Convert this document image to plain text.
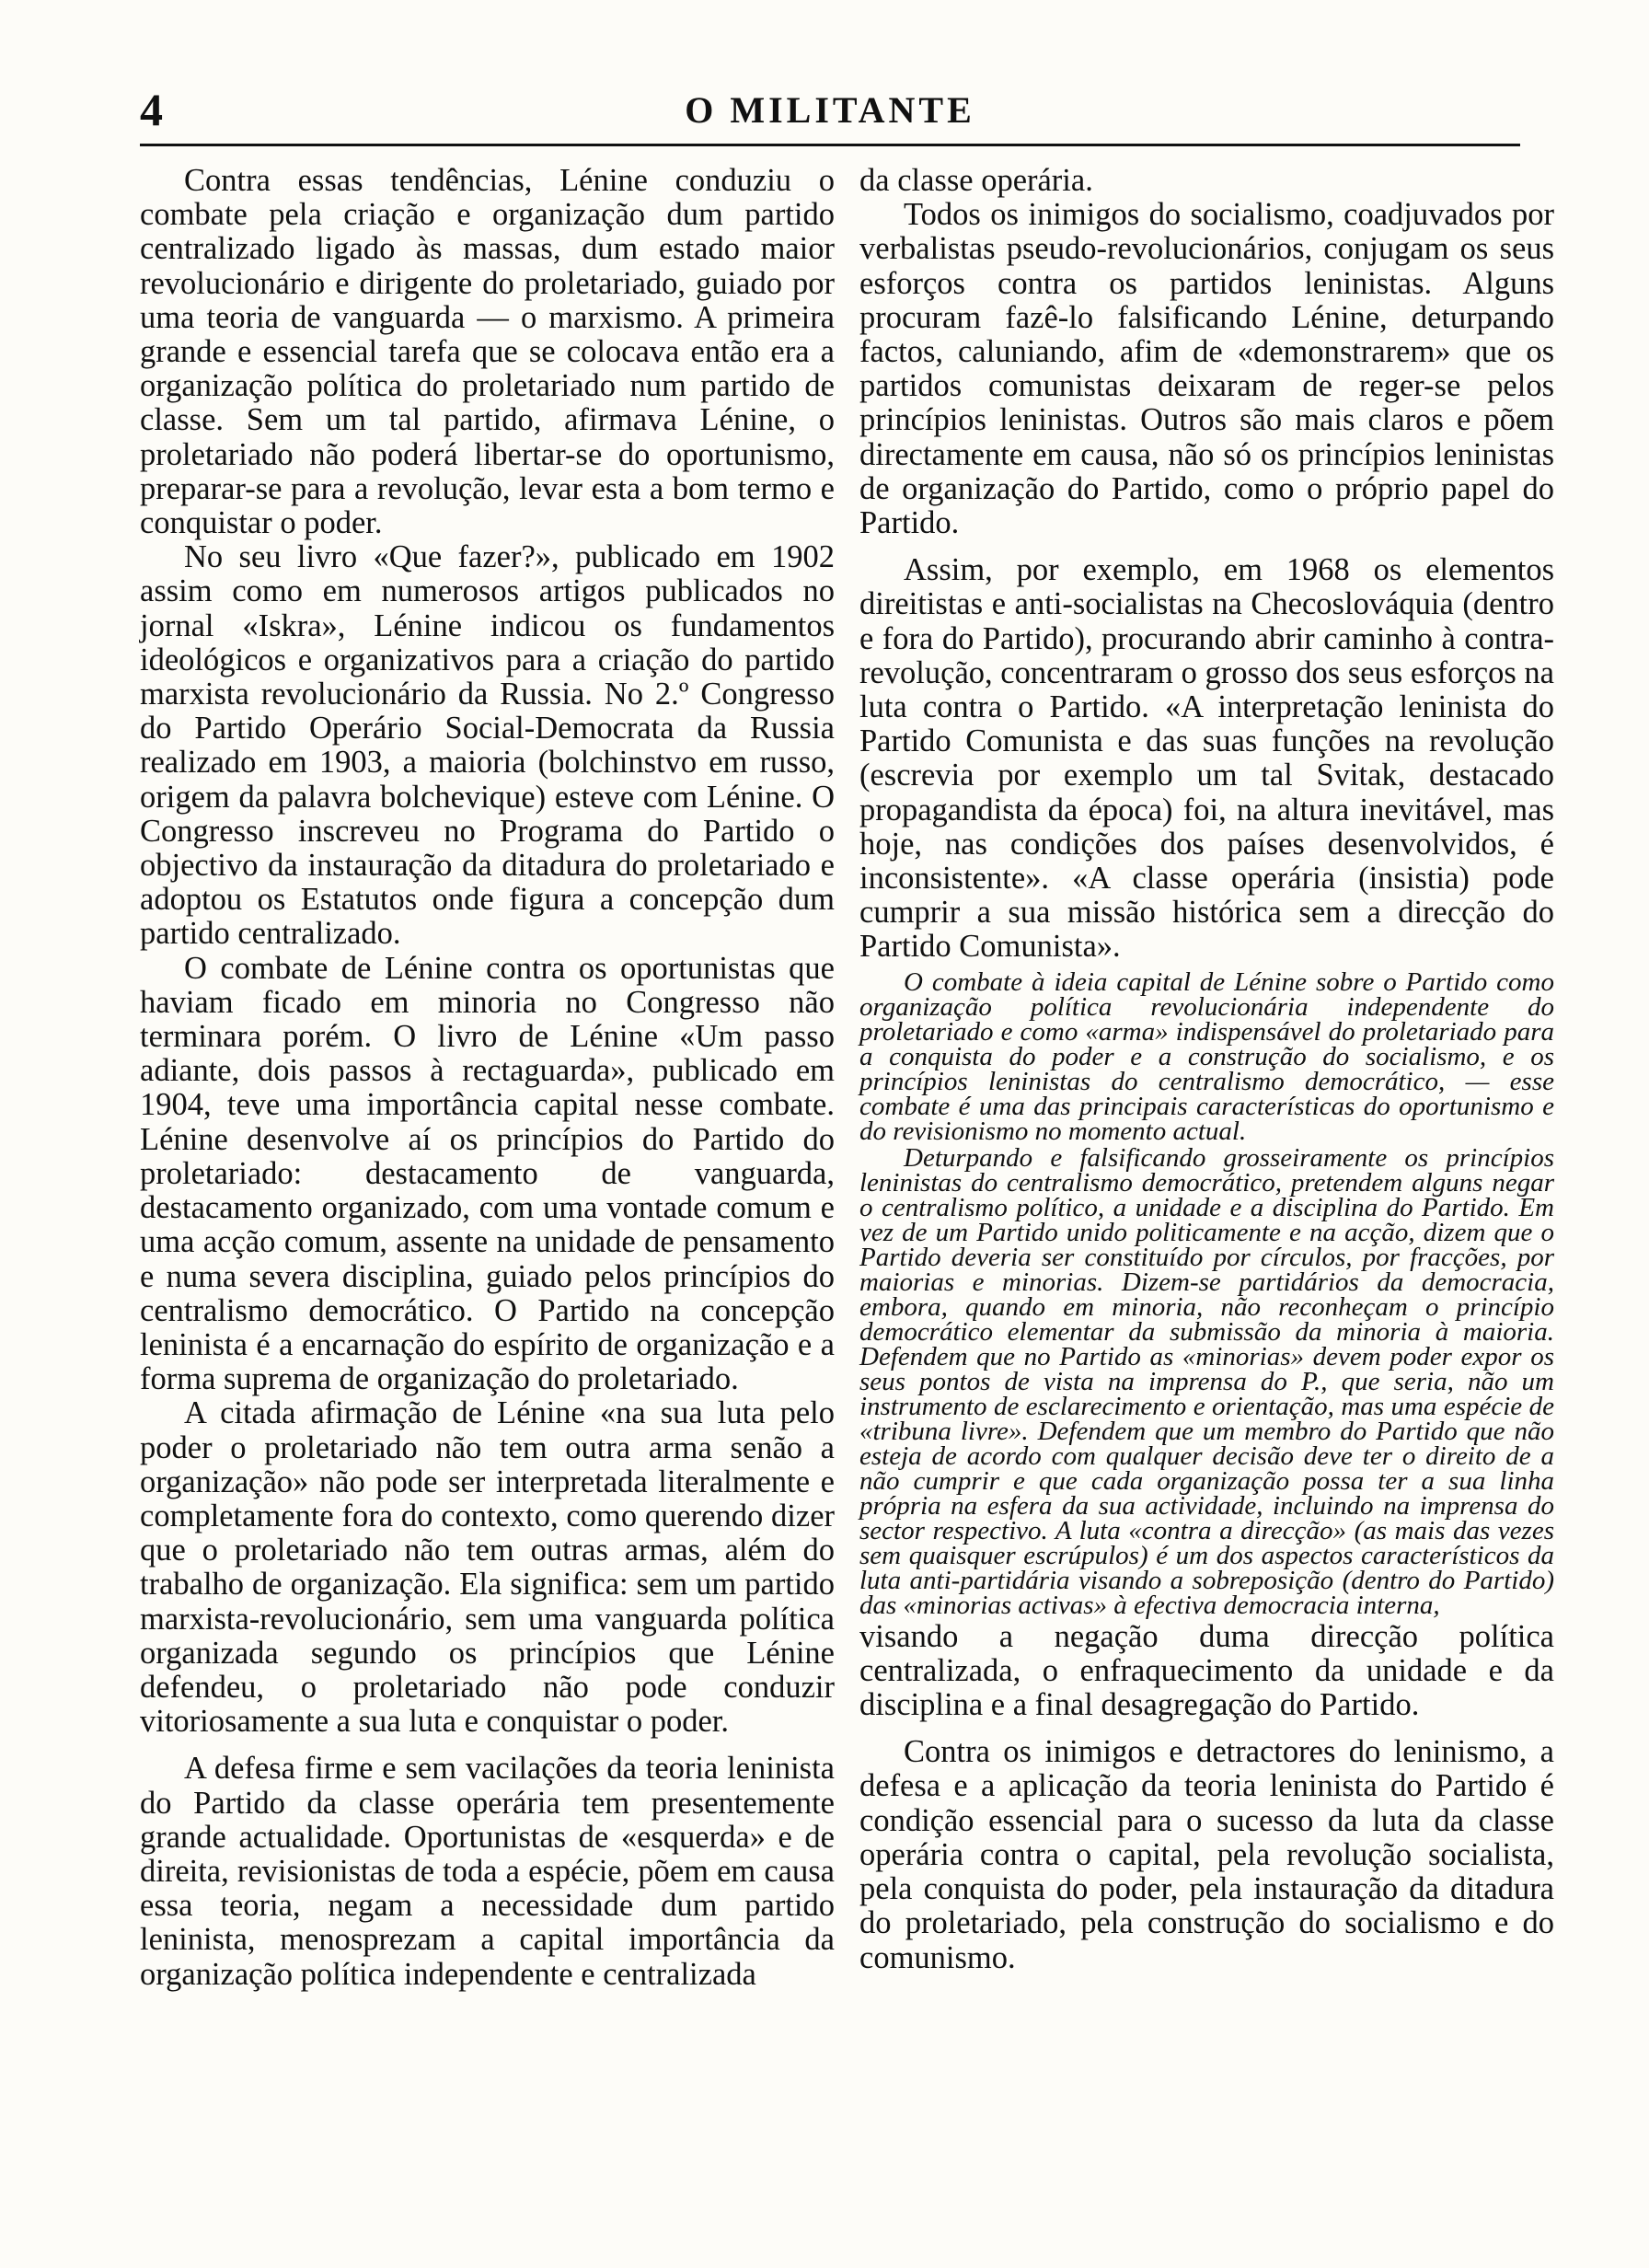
4	O MILITANTE

Contra essas tendências, Lénine conduziu o combate pela criação e organização dum partido centralizado ligado às massas, dum estado maior revolucionário e dirigente do proletariado, guiado por uma teoria de vanguarda — o marxismo. A primeira grande e essencial tarefa que se colocava então era a organização política do proletariado num partido de classe. Sem um tal partido, afirmava Lénine, o proletariado não poderá libertar-se do oportunismo, preparar-se para a revolução, levar esta a bom termo e conquistar o poder.

No seu livro «Que fazer?», publicado em 1902 assim como em numerosos artigos publicados no jornal «Iskra», Lénine indicou os fundamentos ideológicos e organizativos para a criação do partido marxista revolucionário da Russia. No 2.º Congresso do Partido Operário Social-Democrata da Russia realizado em 1903, a maioria (bolchinstvo em russo, origem da palavra bolchevique) esteve com Lénine. O Congresso inscreveu no Programa do Partido o objectivo da instauração da ditadura do proletariado e adoptou os Estatutos onde figura a concepção dum partido centralizado.

O combate de Lénine contra os oportunistas que haviam ficado em minoria no Congresso não terminara porém. O livro de Lénine «Um passo adiante, dois passos à rectaguarda», publicado em 1904, teve uma importância capital nesse combate. Lénine desenvolve aí os princípios do Partido do proletariado: destacamento de vanguarda, destacamento organizado, com uma vontade comum e uma acção comum, assente na unidade de pensamento e numa severa disciplina, guiado pelos princípios do centralismo democrático. O Partido na concepção leninista é a encarnação do espírito de organização e a forma suprema de organização do proletariado.

A citada afirmação de Lénine «na sua luta pelo poder o proletariado não tem outra arma senão a organização» não pode ser interpretada literalmente e completamente fora do contexto, como querendo dizer que o proletariado não tem outras armas, além do trabalho de organização. Ela significa: sem um partido marxista-revolucionário, sem uma vanguarda política organizada segundo os princípios que Lénine defendeu, o proletariado não pode conduzir vitoriosamente a sua luta e conquistar o poder.

A defesa firme e sem vacilações da teoria leninista do Partido da classe operária tem presentemente grande actualidade. Oportunistas de «esquerda» e de direita, revisionistas de toda a espécie, põem em causa essa teoria, negam a necessidade dum partido leninista, menosprezam a capital importância da organização política independente e centralizada

da classe operária.

Todos os inimigos do socialismo, coadjuvados por verbalistas pseudo-revolucionários, conjugam os seus esforços contra os partidos leninistas. Alguns procuram fazê-lo falsificando Lénine, deturpando factos, caluniando, afim de «demonstrarem» que os partidos comunistas deixaram de reger-se pelos princípios leninistas. Outros são mais claros e põem directamente em causa, não só os princípios leninistas de organização do Partido, como o próprio papel do Partido.

Assim, por exemplo, em 1968 os elementos direitistas e anti-socialistas na Checoslováquia (dentro e fora do Partido), procurando abrir caminho à contra-revolução, concentraram o grosso dos seus esforços na luta contra o Partido. «A interpretação leninista do Partido Comunista e das suas funções na revolução (escrevia por exemplo um tal Svitak, destacado propagandista da época) foi, na altura inevitável, mas hoje, nas condições dos países desenvolvidos, é inconsistente». «A classe operária (insistia) pode cumprir a sua missão histórica sem a direcção do Partido Comunista».

O combate à ideia capital de Lénine sobre o Partido como organização política revolucionária independente do proletariado e como «arma» indispensável do proletariado para a conquista do poder e a construção do socialismo, e os princípios leninistas do centralismo democrático, — esse combate é uma das principais características do oportunismo e do revisionismo no momento actual.

Deturpando e falsificando grosseiramente os princípios leninistas do centralismo democrático, pretendem alguns negar o centralismo político, a unidade e a disciplina do Partido. Em vez de um Partido unido politicamente e na acção, dizem que o Partido deveria ser constituído por círculos, por fracções, por maiorias e minorias. Dizem-se partidários da democracia, embora, quando em minoria, não reconheçam o princípio democrático elementar da submissão da minoria à maioria. Defendem que no Partido as «minorias» devem poder expor os seus pontos de vista na imprensa do P., que seria, não um instrumento de esclarecimento e orientação, mas uma espécie de «tribuna livre». Defendem que um membro do Partido que não esteja de acordo com qualquer decisão deve ter o direito de a não cumprir e que cada organização possa ter a sua linha própria na esfera da sua actividade, incluindo na imprensa do sector respectivo. A luta «contra a direcção» (as mais das vezes sem quaisquer escrúpulos) é um dos aspectos característicos da luta anti-partidária visando a sobreposição (dentro do Partido) das «minorias activas» à efectiva democracia interna,

visando a negação duma direcção política centralizada, o enfraquecimento da unidade e da disciplina e a final desagregação do Partido.

Contra os inimigos e detractores do leninismo, a defesa e a aplicação da teoria leninista do Partido é condição essencial para o sucesso da luta da classe operária contra o capital, pela revolução socialista, pela conquista do poder, pela instauração da ditadura do proletariado, pela construção do socialismo e do comunismo.
